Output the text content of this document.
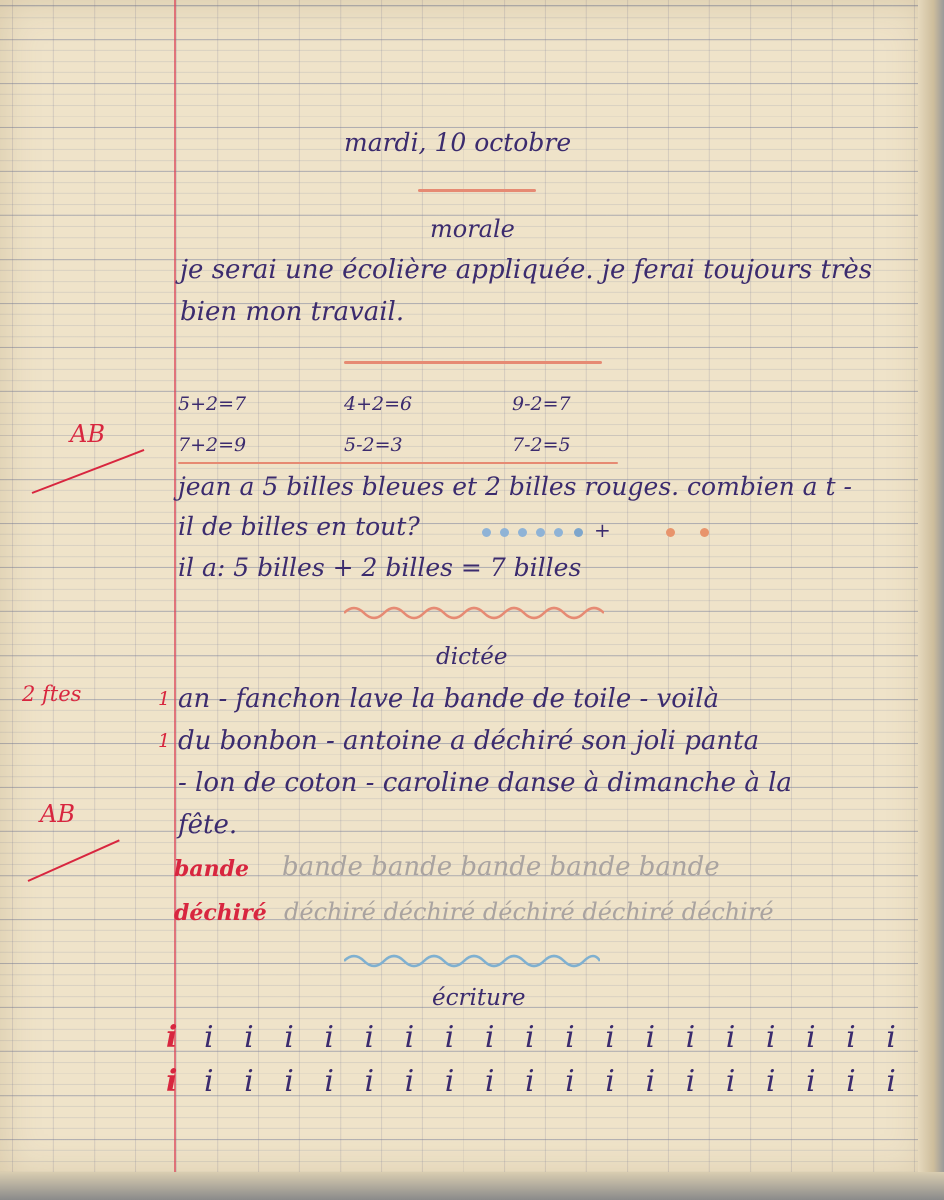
mardi, 10 octobre
morale
je serai une écolière appliquée. je ferai toujours très
bien mon travail.
AB
5+2=7	4+2=6	9-2=7
7+2=9	5-2=3	7-2=5
jean a 5 billes bleues et 2 billes rouges. combien a t -
il de billes en tout?	+
il a: 5 billes + 2 billes = 7 billes
dictée
2 ftes	1
1
an - fanchon lave la bande de toile - voilà
du bonbon - antoine a déchiré son joli panta
- lon de coton - caroline danse à dimanche à la
fête.
AB
bande bande bande bande bande bande
déchiré déchiré déchiré déchiré déchiré déchiré
écriture
i i i i i i i i i i i i i i i i i i i
i i i i i i i i i i i i i i i i i i i
